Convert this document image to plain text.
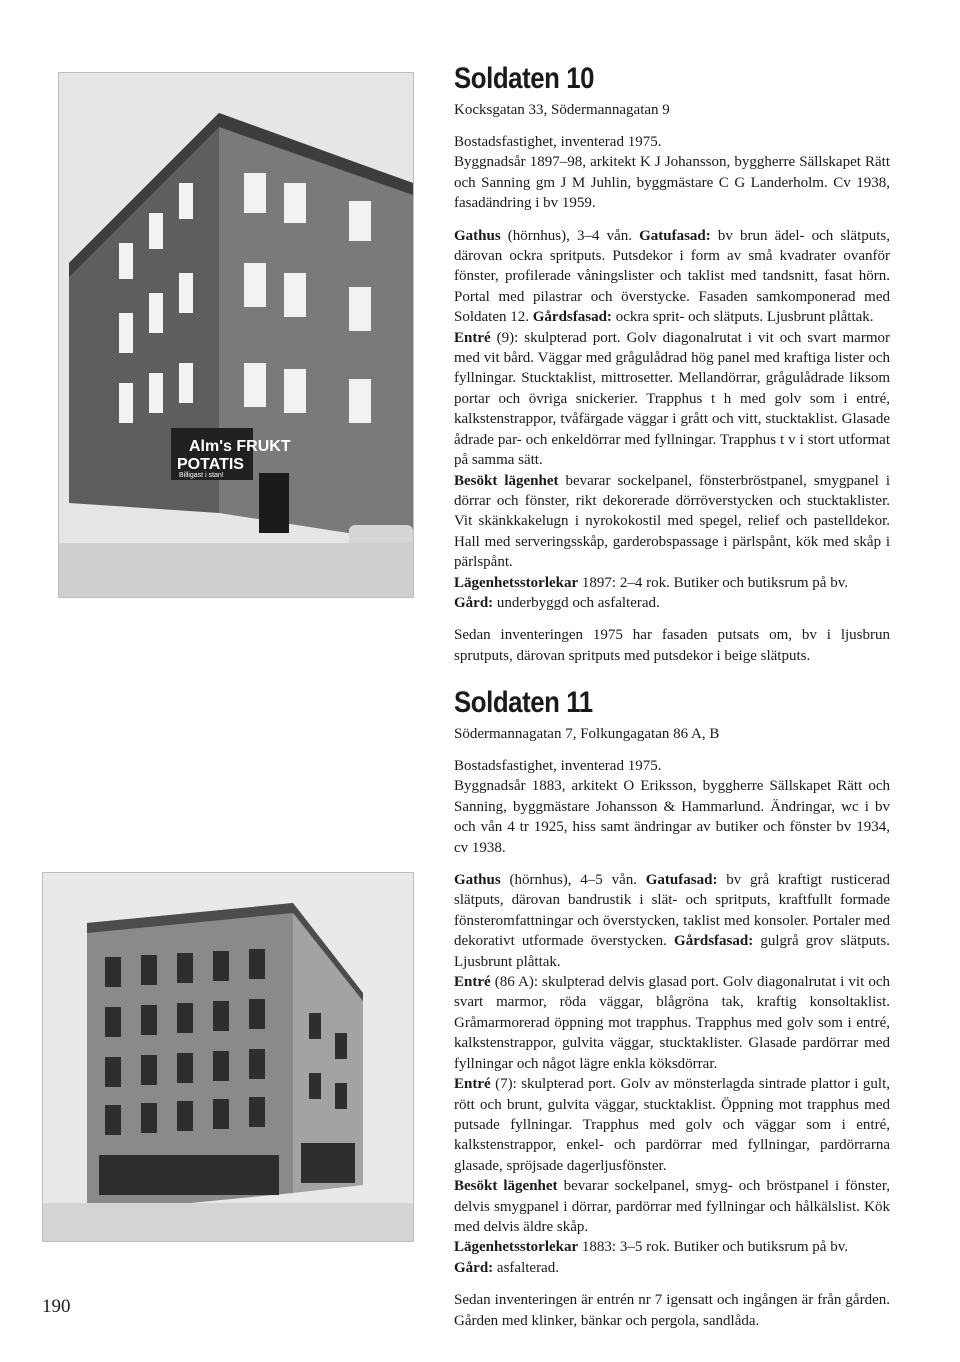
Alm's FRUKT
POTATIS
Billigast i stan!
Soldaten 10

Kocksgatan 33, Södermannagatan 9

Bostadsfastighet, inventerad 1975.

Byggnadsår 1897–98, arkitekt K J Johansson, byggherre Sällskapet Rätt och Sanning gm J M Juhlin, byggmästare C G Landerholm. Cv 1938, fasadändring i bv 1959.

Gathus (hörnhus), 3–4 vån. Gatufasad: bv brun ädel- och slätputs, därovan ockra spritputs. Putsdekor i form av små kvadrater ovanför fönster, profilerade våningslister och taklist med tandsnitt, fasat hörn. Portal med pilastrar och överstycke. Fasaden samkomponerad med Soldaten 12. Gårdsfasad: ockra sprit- och slätputs. Ljusbrunt plåttak.
Entré (9): skulpterad port. Golv diagonalrutat i vit och svart marmor med vit bård. Väggar med grågulådrad hög panel med kraftiga lister och fyllningar. Stucktaklist, mittrosetter. Mellandörrar, grågulådrade liksom portar och övriga snickerier. Trapphus t h med golv som i entré, kalkstenstrappor, tvåfärgade väggar i grått och vitt, stucktaklist. Glasade ådrade par- och enkeldörrar med fyllningar. Trapphus t v i stort utformat på samma sätt.
Besökt lägenhet bevarar sockelpanel, fönsterbröstpanel, smygpanel i dörrar och fönster, rikt dekorerade dörröverstycken och stucktaklister. Vit skänkkakelugn i nyrokokostil med spegel, relief och pastelldekor. Hall med serveringsskåp, garderobspassage i pärlspånt, kök med skåp i pärlspånt.
Lägenhetsstorlekar 1897: 2–4 rok. Butiker och butiksrum på bv.
Gård: underbyggd och asfalterad.

Sedan inventeringen 1975 har fasaden putsats om, bv i ljusbrun sprutputs, därovan spritputs med putsdekor i beige slätputs.

Soldaten 11

Södermannagatan 7, Folkungagatan 86 A, B

Bostadsfastighet, inventerad 1975.

Byggnadsår 1883, arkitekt O Eriksson, byggherre Sällskapet Rätt och Sanning, byggmästare Johansson & Hammarlund. Ändringar, wc i bv och vån 4 tr 1925, hiss samt ändringar av butiker och fönster bv 1934, cv 1938.

Gathus (hörnhus), 4–5 vån. Gatufasad: bv grå kraftigt rusticerad slätputs, därovan bandrustik i slät- och spritputs, kraftfullt formade fönsteromfattningar och överstycken, taklist med konsoler. Portaler med dekorativt utformade överstycken. Gårdsfasad: gulgrå grov slätputs. Ljusbrunt plåttak.
Entré (86 A): skulpterad delvis glasad port. Golv diagonalrutat i vit och svart marmor, röda väggar, blågröna tak, kraftig konsoltaklist. Gråmarmorerad öppning mot trapphus. Trapphus med golv som i entré, kalkstenstrappor, gulvita väggar, stucktaklister. Glasade pardörrar med fyllningar och något lägre enkla köksdörrar.
Entré (7): skulpterad port. Golv av mönsterlagda sintrade plattor i gult, rött och brunt, gulvita väggar, stucktaklist. Öppning mot trapphus med putsade fyllningar. Trapphus med golv och väggar som i entré, kalkstenstrappor, enkel- och pardörrar med fyllningar, pardörrarna glasade, spröjsade dagerljusfönster.
Besökt lägenhet bevarar sockelpanel, smyg- och bröstpanel i fönster, delvis smygpanel i dörrar, pardörrar med fyllningar och hålkälslist. Kök med delvis äldre skåp.
Lägenhetsstorlekar 1883: 3–5 rok. Butiker och butiksrum på bv.
Gård: asfalterad.

Sedan inventeringen är entrén nr 7 igensatt och ingången är från gården. Gården med klinker, bänkar och pergola, sandlåda.

190
